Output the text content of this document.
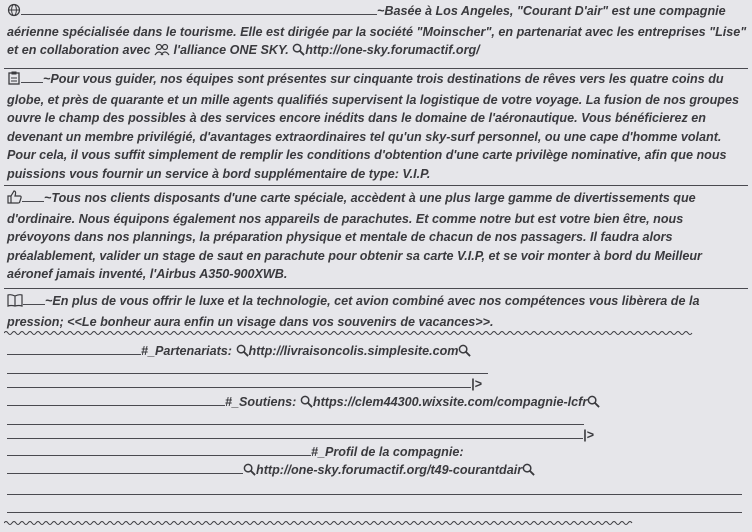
~Basée à Los Angeles, "Courant D'air" est une compagnie aérienne spécialisée dans le tourisme. Elle est dirigée par la société "Moinscher", en partenariat avec les entreprises "Lise" et en collaboration avec l'alliance ONE SKY. http://one-sky.forumactif.org/
~Pour vous guider, nos équipes sont présentes sur cinquante trois destinations de rêves vers les quatre coins du globe, et près de quarante et un mille agents qualifiés supervisent la logistique de votre voyage. La fusion de nos groupes ouvre le champ des possibles à des services encore inédits dans le domaine de l'aéronautique. Vous bénéficierez en devenant un membre privilégié, d'avantages extraordinaires tel qu'un sky-surf personnel, ou une cape d'homme volant. Pour cela, il vous suffit simplement de remplir les conditions d'obtention d'une carte privilège nominative, afin que nous puissions vous fournir un service à bord supplémentaire de type: V.I.P.
~Tous nos clients disposants d'une carte spéciale, accèdent à une plus large gamme de divertissements que d'ordinaire. Nous équipons également nos appareils de parachutes. Et comme notre but est votre bien être, nous prévoyons dans nos plannings, la préparation physique et mentale de chacun de nos passagers. Il faudra alors préalablement, valider un stage de saut en parachute pour obtenir sa carte V.I.P, et se voir monter à bord du Meilleur aéronef jamais inventé, l'Airbus A350-900XWB.
~En plus de vous offrir le luxe et la technologie, cet avion combiné avec nos compétences vous libèrera de la pression; <<Le bonheur aura enfin un visage dans vos souvenirs de vacances>>.
#_Partenariats: http://livraisoncolis.simplesite.com
|>
#_Soutiens: https://clem44300.wixsite.com/compagnie-lcfr
|>
#_Profil de la compagnie:
http://one-sky.forumactif.org/t49-courantdair
